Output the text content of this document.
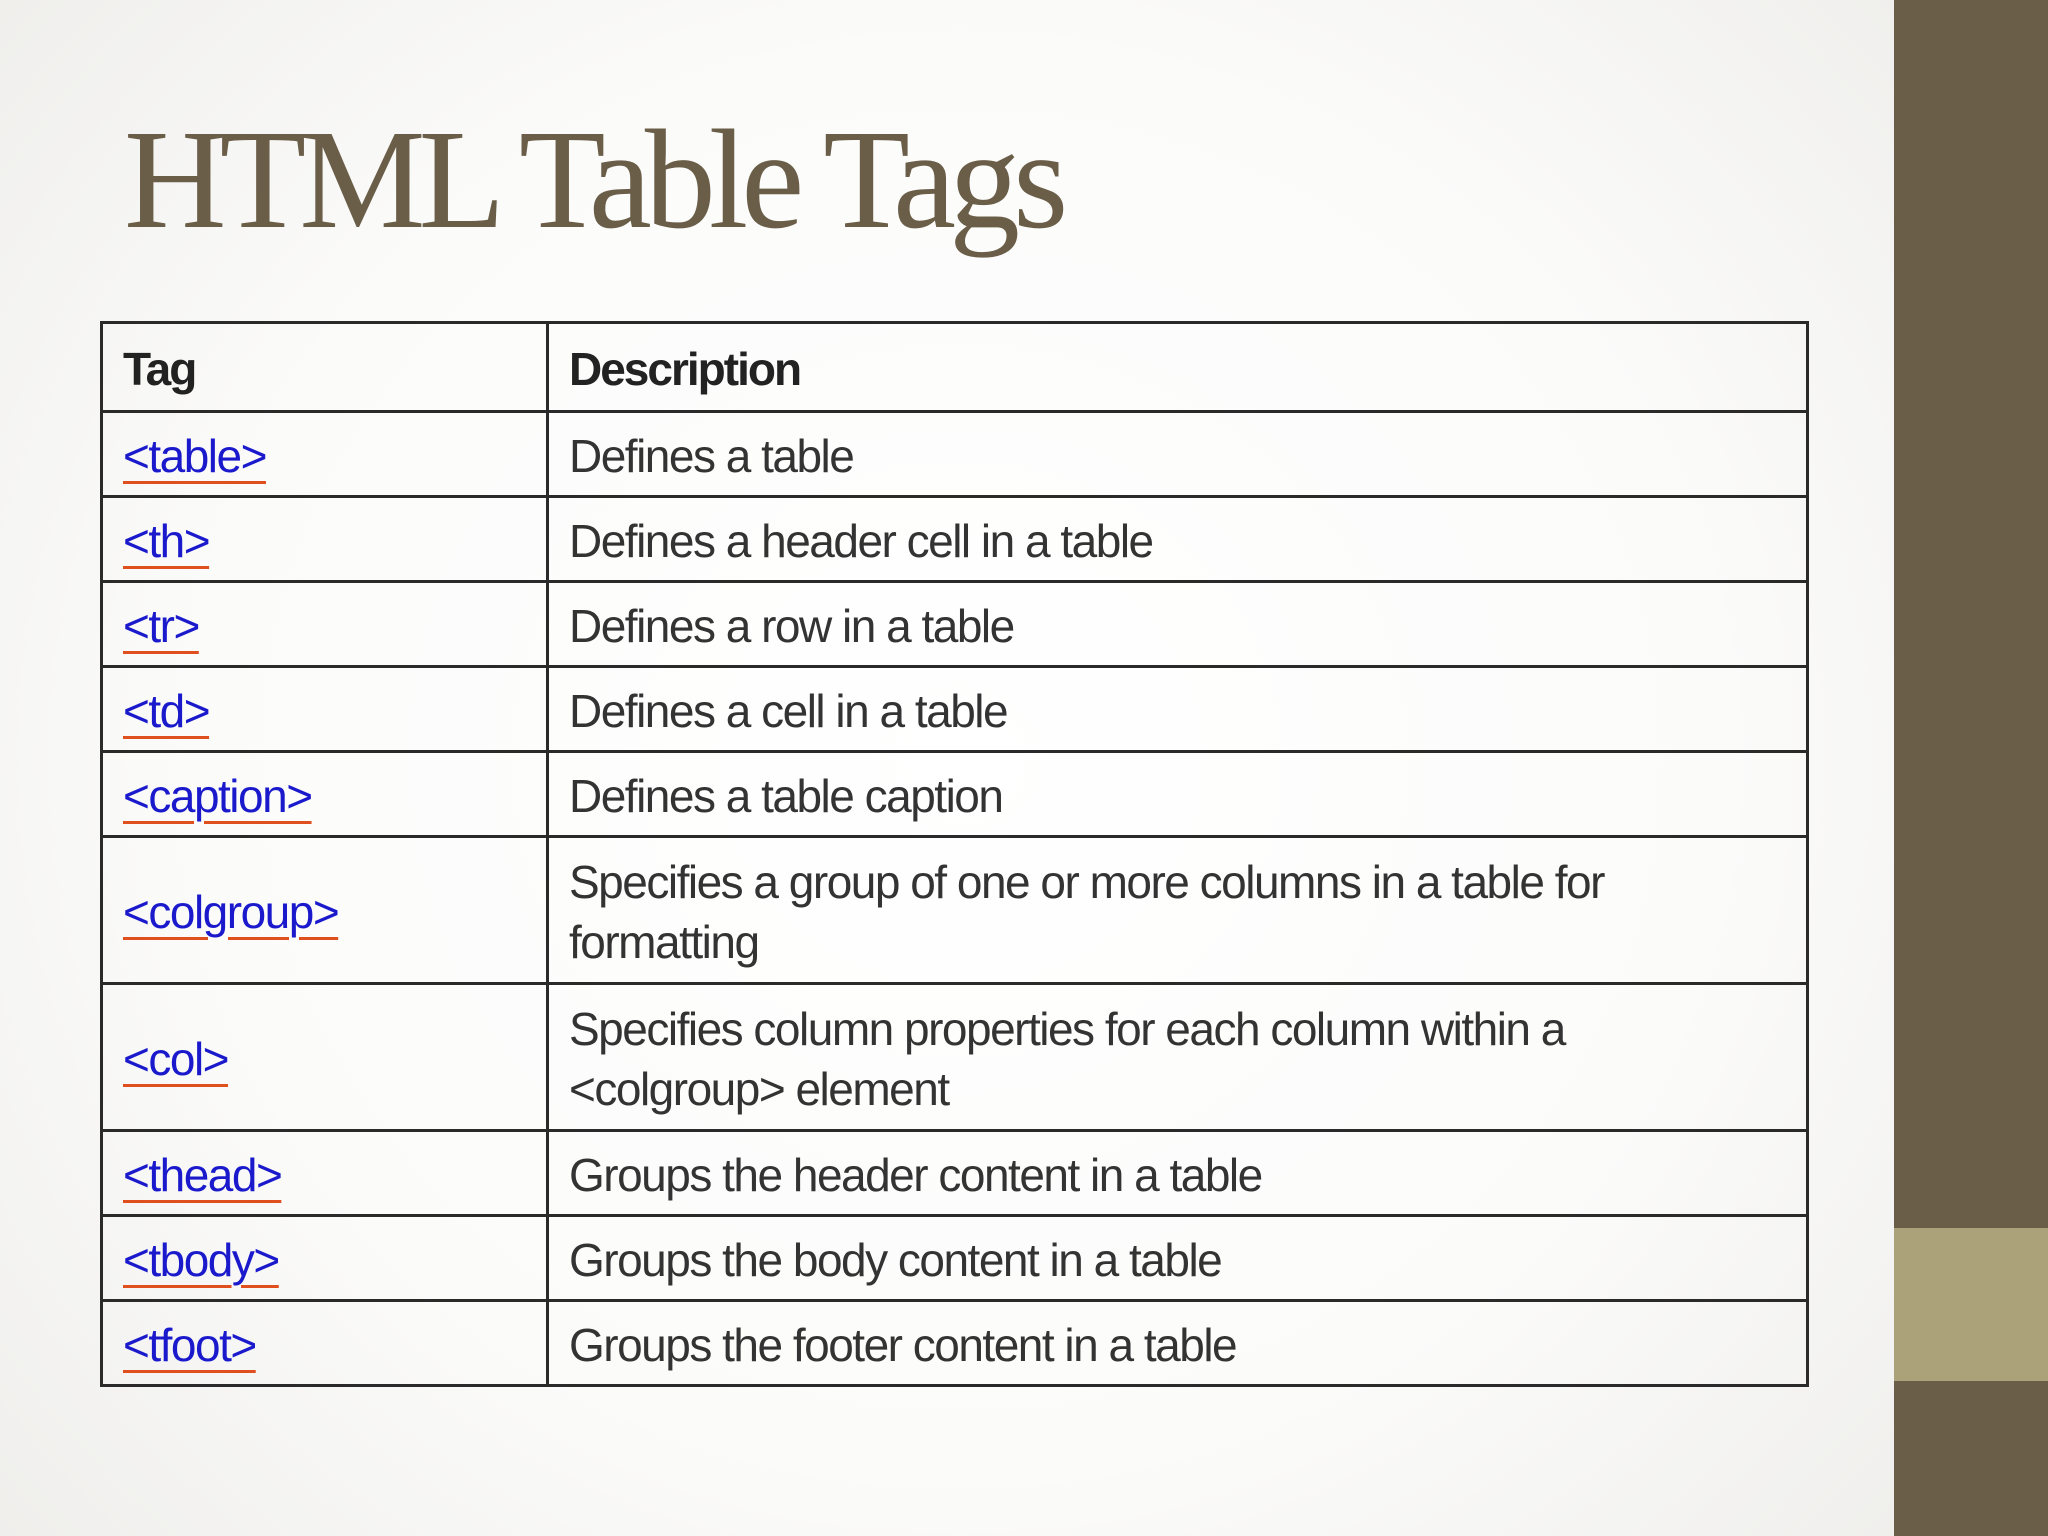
HTML Table Tags
Tag	Description
<table>	Defines a table
<th>	Defines a header cell in a table
<tr>	Defines a row in a table
<td>	Defines a cell in a table
<caption>	Defines a table caption
<colgroup>	Specifies a group of one or more columns in a table for formatting
<col>	Specifies column properties for each column within a <colgroup> element
<thead>	Groups the header content in a table
<tbody>	Groups the body content in a table
<tfoot>	Groups the footer content in a table
